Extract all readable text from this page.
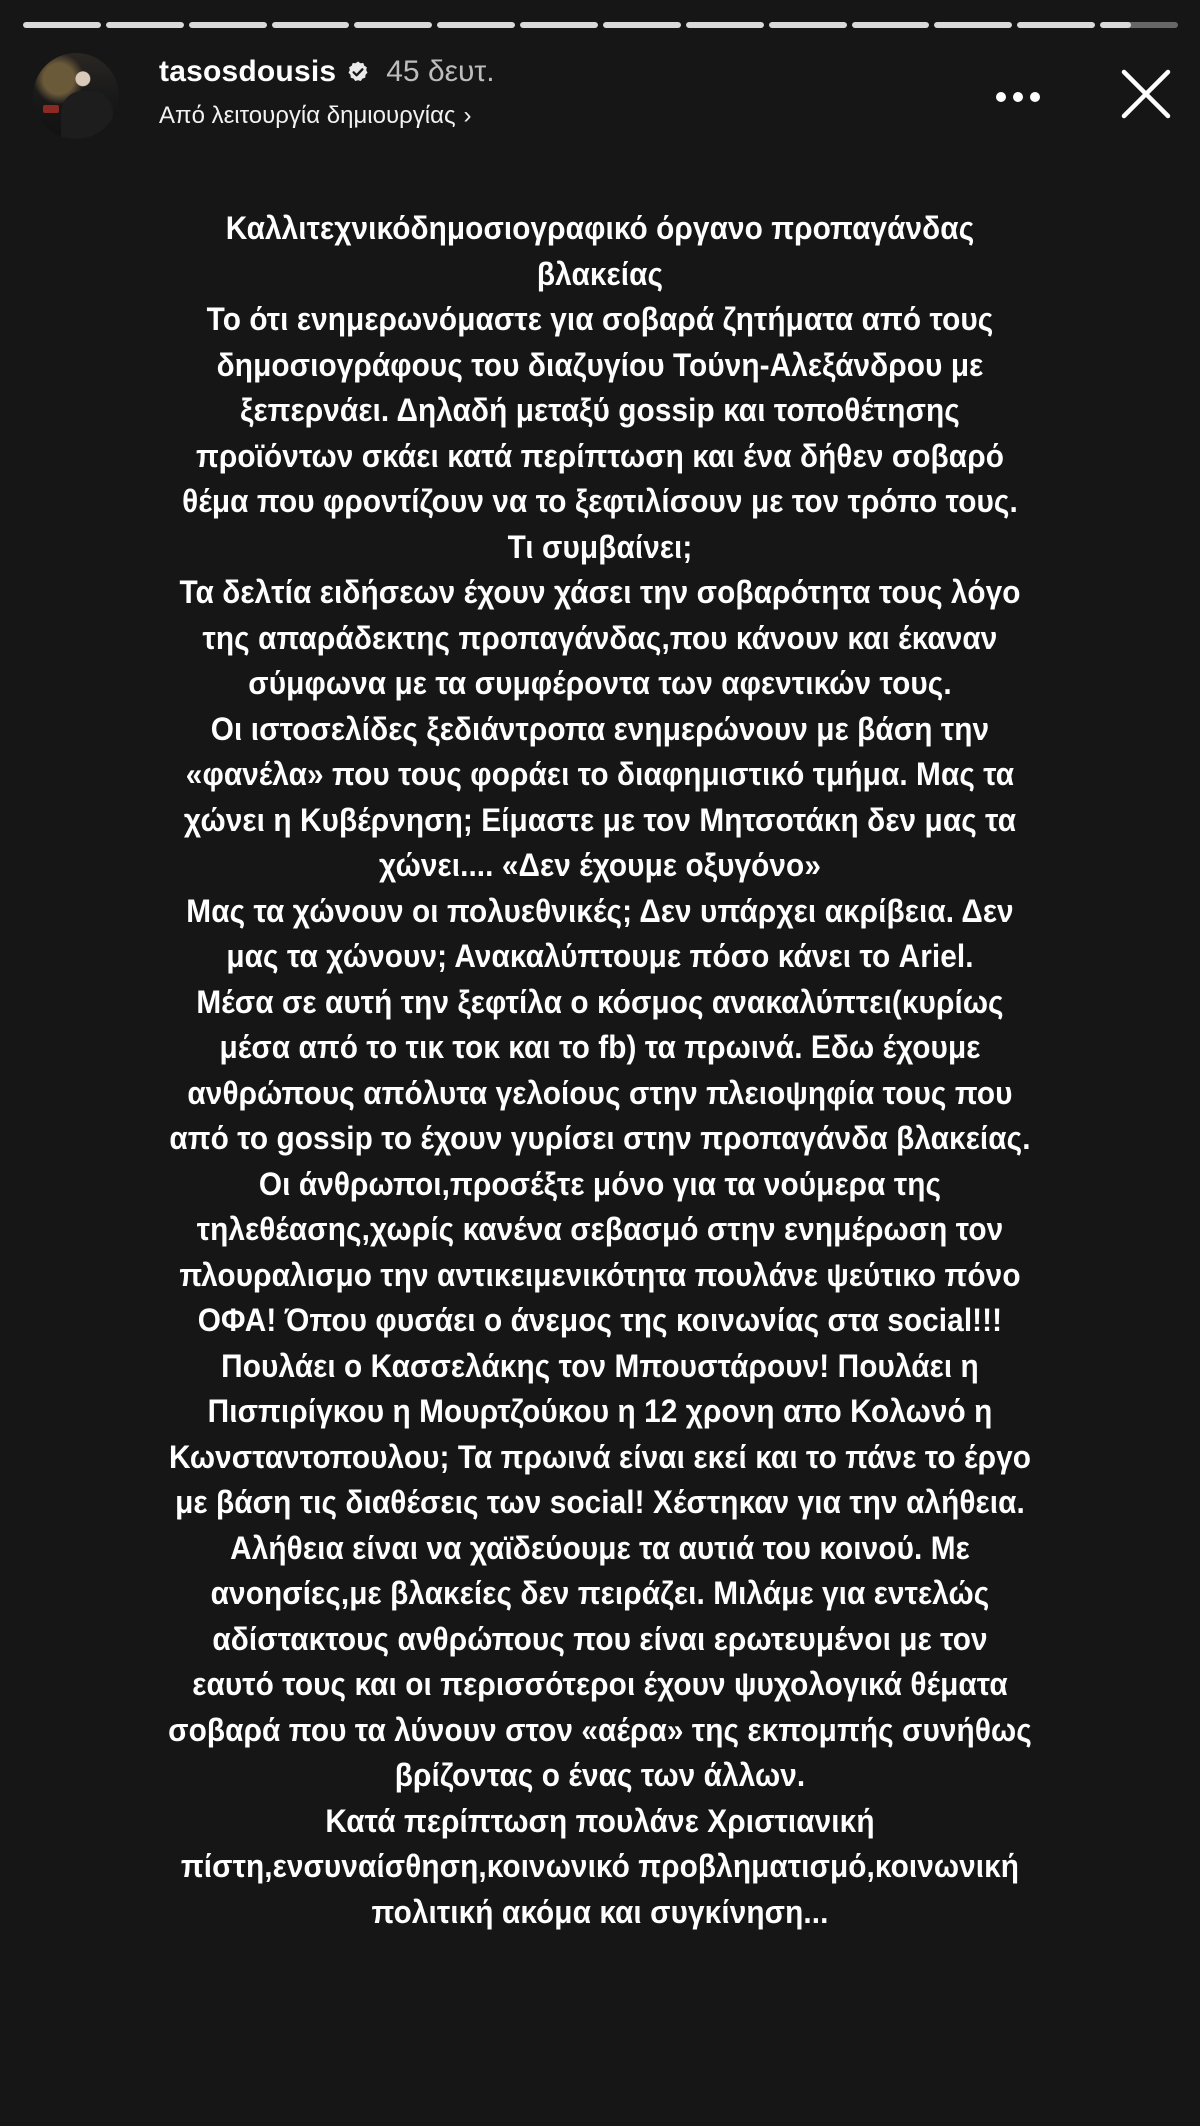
tasosdousis 45 δευτ.
Από λειτουργία δημιουργίας ›
Καλλιτεχνικόδημοσιογραφικό όργανο προπαγάνδας
βλακείας
Το ότι ενημερωνόμαστε για σοβαρά ζητήματα από τους
δημοσιογράφους του διαζυγίου Τούνη-Αλεξάνδρου με
ξεπερνάει. Δηλαδή μεταξύ gossip και τοποθέτησης
προϊόντων σκάει κατά περίπτωση και ένα δήθεν σοβαρό
θέμα που φροντίζουν να το ξεφτιλίσουν με τον τρόπο τους.
Τι συμβαίνει;
Τα δελτία ειδήσεων έχουν χάσει την σοβαρότητα τους λόγο
της απαράδεκτης προπαγάνδας,που κάνουν και έκαναν
σύμφωνα με τα συμφέροντα των αφεντικών τους.
Οι ιστοσελίδες ξεδιάντροπα ενημερώνουν με βάση την
«φανέλα» που τους φοράει το διαφημιστικό τμήμα. Μας τα
χώνει η Κυβέρνηση; Είμαστε με τον Μητσοτάκη δεν μας τα
χώνει.... «Δεν έχουμε οξυγόνο»
Μας τα χώνουν οι πολυεθνικές; Δεν υπάρχει ακρίβεια. Δεν
μας τα χώνουν; Ανακαλύπτουμε πόσο κάνει το Ariel.
Μέσα σε αυτή την ξεφτίλα ο κόσμος ανακαλύπτει(κυρίως
μέσα από το τικ τοκ και το fb) τα πρωινά. Εδω έχουμε
ανθρώπους απόλυτα γελοίους στην πλειοψηφία τους που
από το gossip το έχουν γυρίσει στην προπαγάνδα βλακείας.
Οι άνθρωποι,προσέξτε μόνο για τα νούμερα της
τηλεθέασης,χωρίς κανένα σεβασμό στην ενημέρωση τον
πλουραλισμο την αντικειμενικότητα πουλάνε ψεύτικο πόνο
ΟΦΑ! Όπου φυσάει ο άνεμος της κοινωνίας στα social!!!
Πουλάει ο Κασσελάκης τον Μπουστάρουν! Πουλάει η
Πισπιρίγκου η Μουρτζούκου η 12 χρονη απο Κολωνό η
Κωνσταντοπουλου; Τα πρωινά είναι εκεί και το πάνε το έργο
με βάση τις διαθέσεις των social! Χέστηκαν για την αλήθεια.
Αλήθεια είναι να χαϊδεύουμε τα αυτιά του κοινού. Με
ανοησίες,με βλακείες δεν πειράζει. Μιλάμε για εντελώς
αδίστακτους ανθρώπους που είναι ερωτευμένοι με τον
εαυτό τους και οι περισσότεροι έχουν ψυχολογικά θέματα
σοβαρά που τα λύνουν στον «αέρα» της εκπομπής συνήθως
βρίζοντας ο ένας των άλλων.
Κατά περίπτωση πουλάνε Χριστιανική
πίστη,ενσυναίσθηση,κοινωνικό προβληματισμό,κοινωνική
πολιτική ακόμα και συγκίνηση...
